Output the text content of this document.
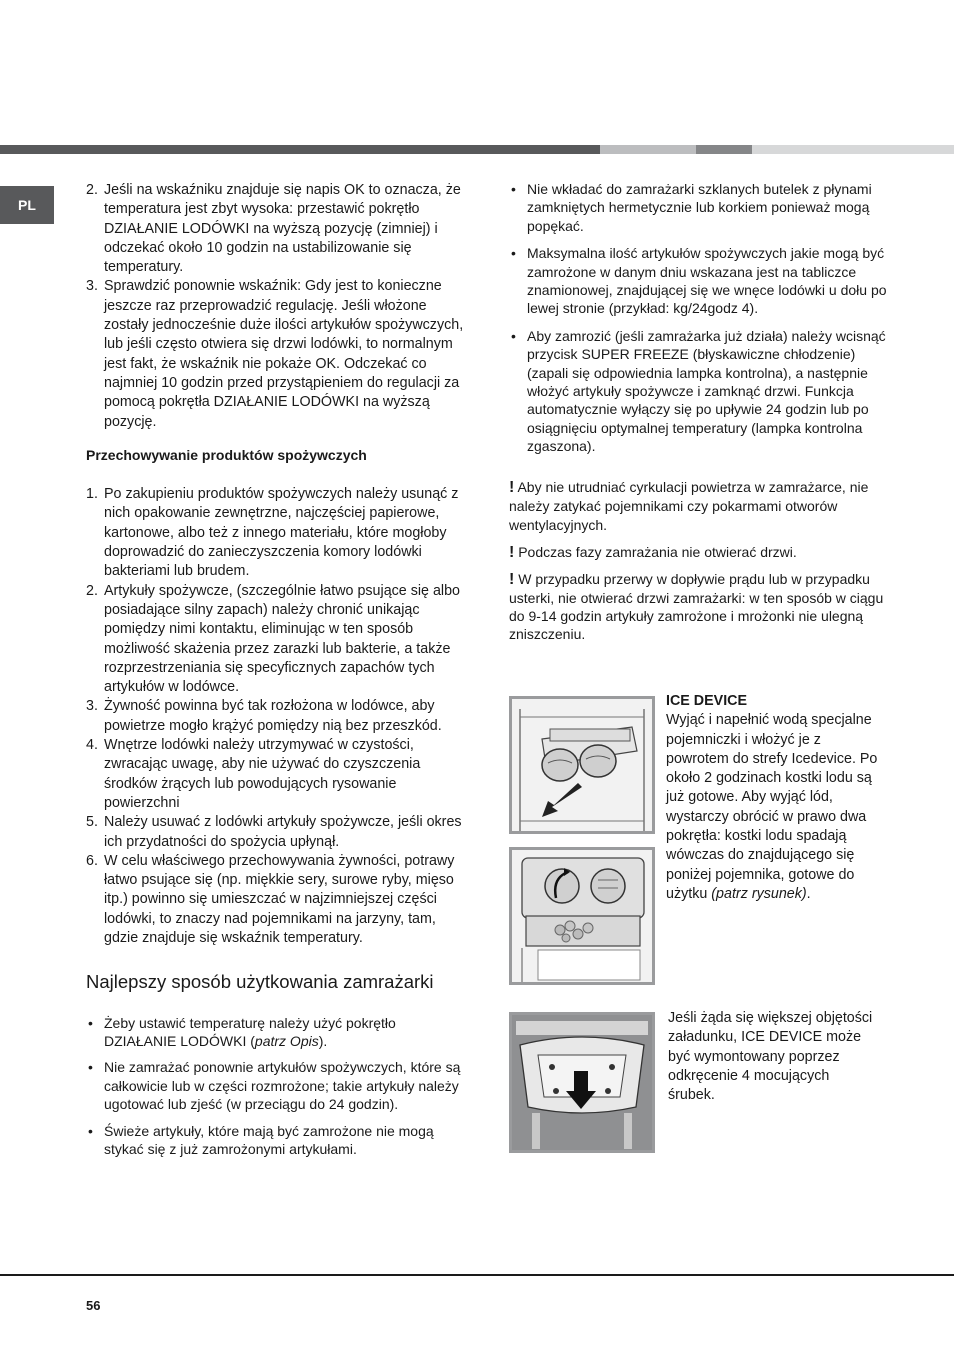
PL
2. Jeśli na wskaźniku znajduje się napis OK to oznacza, że temperatura jest zbyt wysoka: przestawić pokrętło DZIAŁANIE LODÓWKI na wyższą pozycję (zimniej) i odczekać około 10 godzin na ustabilizowanie się temperatury.
3. Sprawdzić ponownie wskaźnik: Gdy jest to konieczne jeszcze raz przeprowadzić regulację. Jeśli włożone zostały jednocześnie duże ilości artykułów spożywczych, lub jeśli często otwiera się drzwi lodówki, to normalnym jest fakt, że wskaźnik nie pokaże OK. Odczekać co najmniej 10 godzin przed przystąpieniem do regulacji za pomocą pokrętła DZIAŁANIE LODÓWKI na wyższą pozycję.
Przechowywanie produktów spożywczych
1. Po zakupieniu produktów spożywczych należy usunąć z nich opakowanie zewnętrzne, najczęściej papierowe, kartonowe, albo też z innego materiału, które mogłoby doprowadzić do zanieczyszczenia komory lodówki bakteriami lub brudem.
2. Artykuły spożywcze, (szczególnie łatwo psujące się albo posiadające silny zapach) należy chronić unikając pomiędzy nimi kontaktu, eliminując w ten sposób możliwość skażenia przez zarazki lub bakterie, a także rozprzestrzeniania się specyficznych zapachów tych artykułów w lodówce.
3. Żywność powinna być tak rozłożona w lodówce, aby powietrze mogło krążyć pomiędzy nią bez przeszkód.
4. Wnętrze lodówki należy utrzymywać w czystości, zwracając uwagę, aby nie używać do czyszczenia środków żrących lub powodujących rysowanie powierzchni
5. Należy usuwać z lodówki artykuły spożywcze, jeśli okres ich przydatności do spożycia upłynął.
6. W celu właściwego przechowywania żywności, potrawy łatwo psujące się (np. miękkie sery, surowe ryby, mięso itp.) powinno się umieszczać w najzimniejszej części lodówki, to znaczy nad pojemnikami na jarzyny, tam, gdzie znajduje się wskaźnik temperatury.
Najlepszy sposób użytkowania zamrażarki
• Żeby ustawić temperaturę należy użyć pokrętło DZIAŁANIE LODÓWKI (patrz Opis).
• Nie zamrażać ponownie artykułów spożywczych, które są całkowicie lub w części rozmrożone; takie artykuły należy ugotować lub zjeść (w przeciągu do 24 godzin).
• Świeże artykuły, które mają być zamrożone nie mogą stykać się z już zamrożonymi artykułami.
• Nie wkładać do zamrażarki szklanych butelek z płynami zamkniętych hermetycznie lub korkiem ponieważ mogą popękać.
• Maksymalna ilość artykułów spożywczych jakie mogą być zamrożone w danym dniu wskazana jest na tabliczce znamionowej, znajdującej się we wnęce lodówki u dołu po lewej stronie (przykład: kg/24godz 4).
• Aby zamrozić (jeśli zamrażarka już działa) należy wcisnąć przycisk SUPER FREEZE (błyskawiczne chłodzenie) (zapali się odpowiednia lampka kontrolna), a następnie włożyć artykuły spożywcze i zamknąć drzwi. Funkcja automatycznie wyłączy się po upływie 24 godzin lub po osiągnięciu optymalnej temperatury (lampka kontrolna zgaszona).
! Aby nie utrudniać cyrkulacji powietrza w zamrażarce, nie należy zatykać pojemnikami czy pokarmami otworów wentylacyjnych.
! Podczas fazy zamrażania nie otwierać drzwi.
! W przypadku przerwy w dopływie prądu lub w przypadku usterki, nie otwierać drzwi zamrażarki: w ten sposób w ciągu do 9-14 godzin artykuły zamrożone i mrożonki nie ulegną zniszczeniu.
ICE DEVICE
Wyjąć i napełnić wodą specjalne pojemniczki i włożyć je z powrotem do strefy Icedevice. Po około 2 godzinach kostki lodu są już gotowe. Aby wyjąć lód, wystarczy obrócić w prawo dwa pokrętła: kostki lodu spadają wówczas do znajdującego się poniżej pojemnika, gotowe do użytku (patrz rysunek).
Jeśli żąda się większej objętości załadunku, ICE DEVICE może być wymontowany poprzez odkręcenie 4 mocujących śrubek.
56
